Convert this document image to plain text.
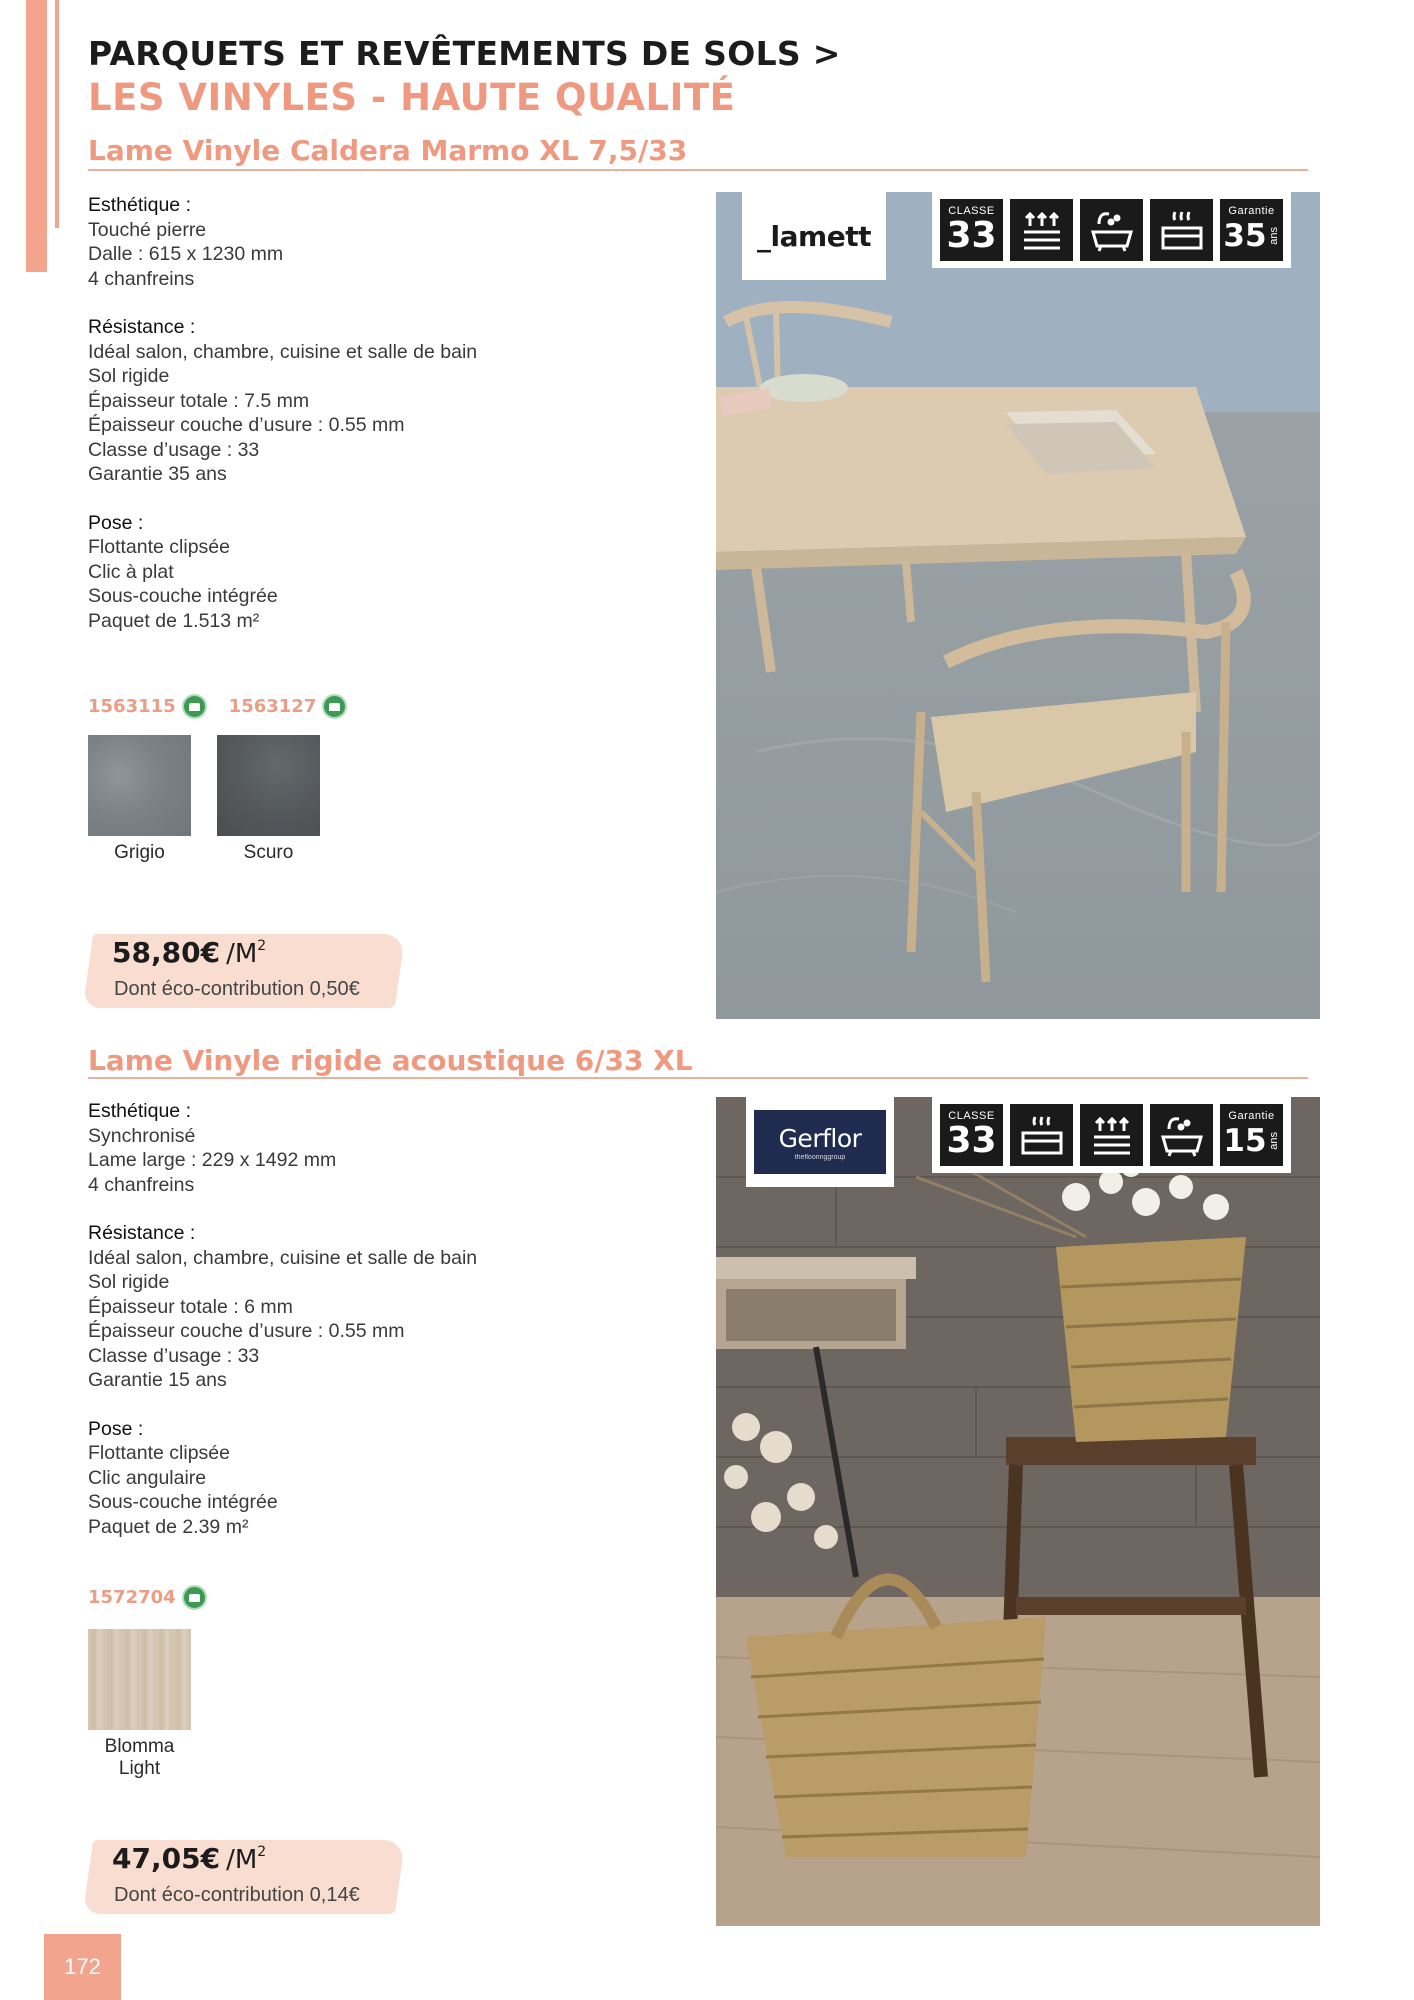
PARQUETS ET REVÊTEMENTS DE SOLS >
LES VINYLES - HAUTE QUALITÉ
Lame Vinyle Caldera Marmo XL 7,5/33
Esthétique :
Touché pierre
Dalle : 615 x 1230 mm
4 chanfreins
Résistance :
Idéal salon, chambre, cuisine et salle de bain
Sol rigide
Épaisseur totale : 7.5 mm
Épaisseur couche d’usure : 0.55 mm
Classe d’usage : 33
Garantie 35 ans
Pose :
Flottante clipsée
Clic à plat
Sous-couche intégrée
Paquet de 1.513 m²
1563115	1563127
Grigio	Scuro
58,80€ $/M^2$
Dont éco-contribution 0,50€
_lamett
CLASSE
33
Garantie
35 ans
Lame Vinyle rigide acoustique 6/33 XL
Esthétique :
Synchronisé
Lame large : 229 x 1492 mm
4 chanfreins
Résistance :
Idéal salon, chambre, cuisine et salle de bain
Sol rigide
Épaisseur totale : 6 mm
Épaisseur couche d’usure : 0.55 mm
Classe d’usage : 33
Garantie 15 ans
Pose :
Flottante clipsée
Clic angulaire
Sous-couche intégrée
Paquet de 2.39 m²
1572704
Blomma
Light
47,05€ $/M^2$
Dont éco-contribution 0,14€
Gerflor
theflooringgroup
CLASSE
33
Garantie
15 ans
172
